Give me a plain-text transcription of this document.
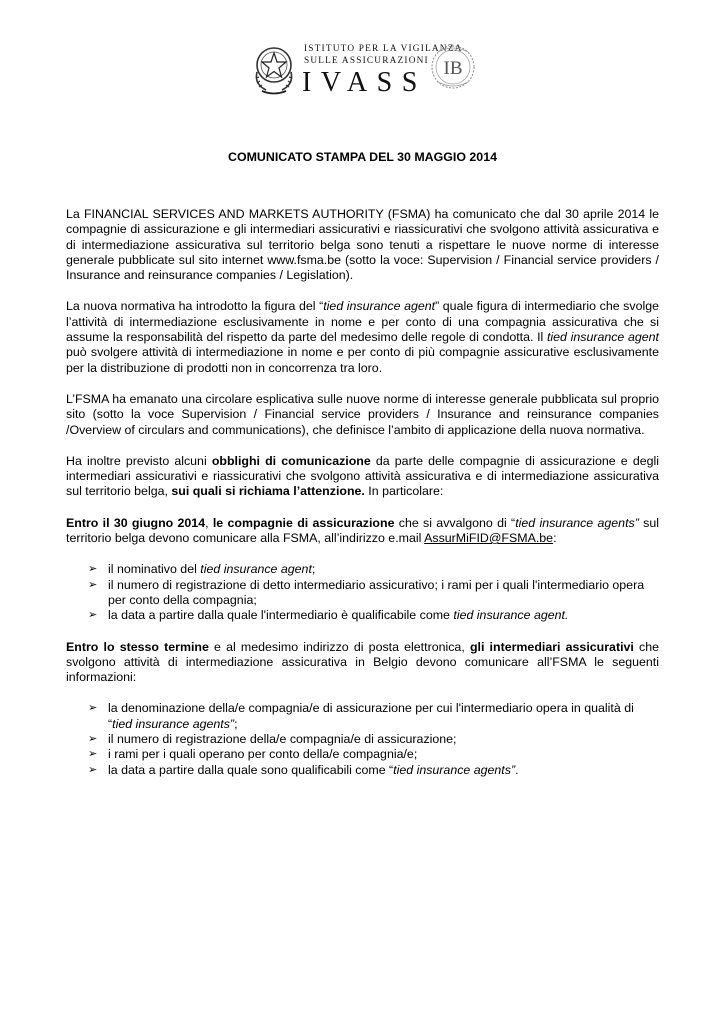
ISTITUTO PER LA VIGILANZA
SULLE ASSICURAZIONI
IVASS IB
COMUNICATO STAMPA DEL 30 MAGGIO 2014

La FINANCIAL SERVICES AND MARKETS AUTHORITY (FSMA) ha comunicato che dal 30 aprile 2014 le compagnie di assicurazione e gli intermediari assicurativi e riassicurativi che svolgono attività assicurativa e di intermediazione assicurativa sul territorio belga sono tenuti a rispettare le nuove norme di interesse generale pubblicate sul sito internet www.fsma.be (sotto la voce: Supervision / Financial service providers / Insurance and reinsurance companies / Legislation).

La nuova normativa ha introdotto la figura del “tied insurance agent” quale figura di intermediario che svolge l’attività di intermediazione esclusivamente in nome e per conto di una compagnia assicurativa che si assume la responsabilità del rispetto da parte del medesimo delle regole di condotta. Il tied insurance agent può svolgere attività di intermediazione in nome e per conto di più compagnie assicurative esclusivamente per la distribuzione di prodotti non in concorrenza tra loro.

L’FSMA ha emanato una circolare esplicativa sulle nuove norme di interesse generale pubblicata sul proprio sito (sotto la voce Supervision / Financial service providers / Insurance and reinsurance companies /Overview of circulars and communications), che definisce l’ambito di applicazione della nuova normativa.

Ha inoltre previsto alcuni obblighi di comunicazione da parte delle compagnie di assicurazione e degli intermediari assicurativi e riassicurativi che svolgono attività assicurativa e di intermediazione assicurativa sul territorio belga, sui quali si richiama l’attenzione. In particolare:

Entro il 30 giugno 2014, le compagnie di assicurazione che si avvalgono di “tied insurance agents” sul territorio belga devono comunicare alla FSMA, all’indirizzo e.mail AssurMiFID@FSMA.be:

➢ il nominativo del tied insurance agent;
➢ il numero di registrazione di detto intermediario assicurativo; i rami per i quali l'intermediario opera per conto della compagnia;
➢ la data a partire dalla quale l'intermediario è qualificabile come tied insurance agent.

Entro lo stesso termine e al medesimo indirizzo di posta elettronica, gli intermediari assicurativi che svolgono attività di intermediazione assicurativa in Belgio devono comunicare all’FSMA le seguenti informazioni:

➢ la denominazione della/e compagnia/e di assicurazione per cui l'intermediario opera in qualità di “tied insurance agents”;
➢ il numero di registrazione della/e compagnia/e di assicurazione;
➢ i rami per i quali operano per conto della/e compagnia/e;
➢ la data a partire dalla quale sono qualificabili come “tied insurance agents”.
